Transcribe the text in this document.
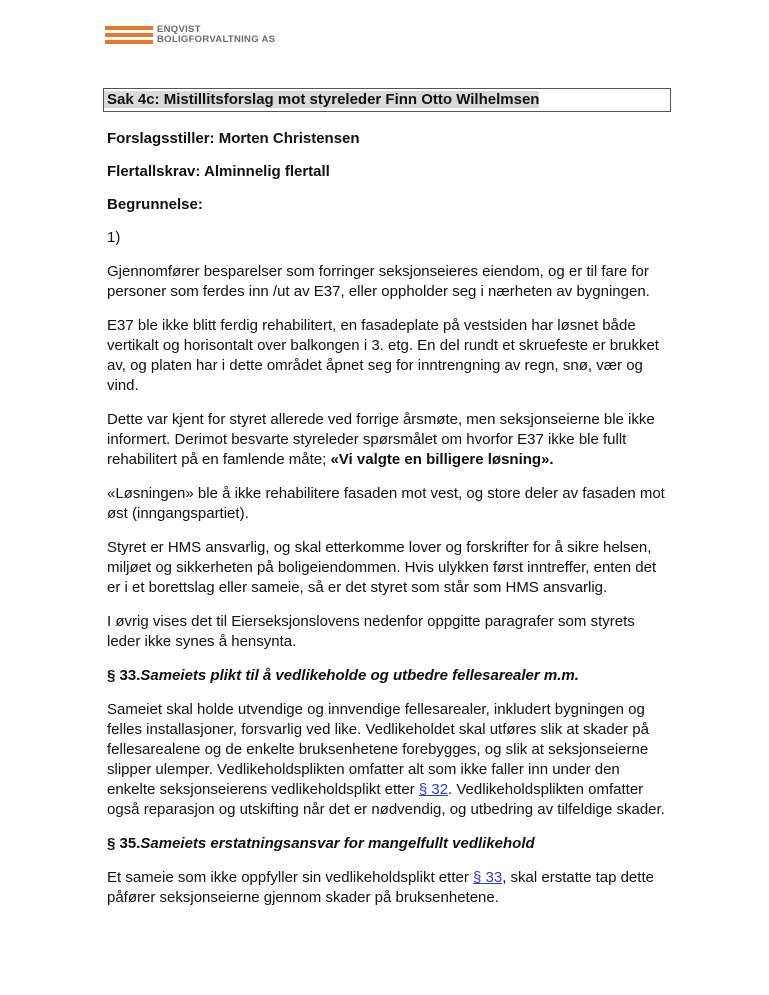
ENQVIST
BOLIGFORVALTNING AS
Sak 4c: Mistillitsforslag mot styreleder Finn Otto Wilhelmsen
Forslagsstiller: Morten Christensen
Flertallskrav: Alminnelig flertall
Begrunnelse:

1)

Gjennomfører besparelser som forringer seksjonseieres eiendom, og er til fare for personer som ferdes inn /ut av E37, eller oppholder seg i nærheten av bygningen.

E37 ble ikke blitt ferdig rehabilitert, en fasadeplate på vestsiden har løsnet både vertikalt og horisontalt over balkongen i 3. etg. En del rundt et skruefeste er brukket av, og platen har i dette området åpnet seg for inntrengning av regn, snø, vær og vind.

Dette var kjent for styret allerede ved forrige årsmøte, men seksjonseierne ble ikke informert. Derimot besvarte styreleder spørsmålet om hvorfor E37 ikke ble fullt rehabilitert på en famlende måte; «Vi valgte en billigere løsning».

«Løsningen» ble å ikke rehabilitere fasaden mot vest, og store deler av fasaden mot øst (inngangspartiet).

Styret er HMS ansvarlig, og skal etterkomme lover og forskrifter for å sikre helsen, miljøet og sikkerheten på boligeiendommen. Hvis ulykken først inntreffer, enten det er i et borettslag eller sameie, så er det styret som står som HMS ansvarlig.

I øvrig vises det til Eierseksjonslovens nedenfor oppgitte paragrafer som styrets leder ikke synes å hensynta.

§ 33.Sameiets plikt til å vedlikeholde og utbedre fellesarealer m.m.

Sameiet skal holde utvendige og innvendige fellesarealer, inkludert bygningen og felles installasjoner, forsvarlig ved like. Vedlikeholdet skal utføres slik at skader på fellesarealene og de enkelte bruksenhetene forebygges, og slik at seksjonseierne slipper ulemper. Vedlikeholdsplikten omfatter alt som ikke faller inn under den enkelte seksjonseierens vedlikeholdsplikt etter § 32. Vedlikeholdsplikten omfatter også reparasjon og utskifting når det er nødvendig, og utbedring av tilfeldige skader.

§ 35.Sameiets erstatningsansvar for mangelfullt vedlikehold

Et sameie som ikke oppfyller sin vedlikeholdsplikt etter § 33, skal erstatte tap dette påfører seksjonseierne gjennom skader på bruksenhetene.
